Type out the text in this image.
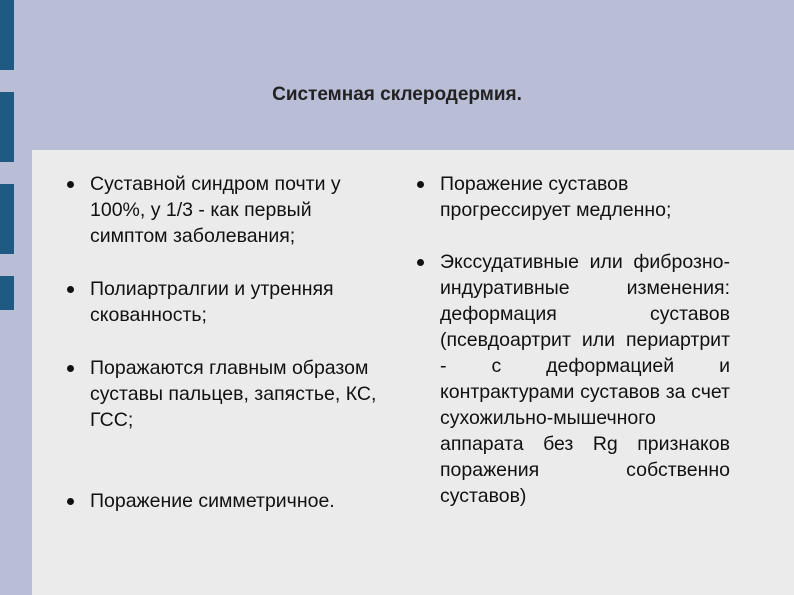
Системная склеродермия.
Суставной синдром почти у 100%, у 1/3 - как первый симптом заболевания;
Полиартралгии и утренняя скованность;
Поражаются главным образом суставы пальцев, запястье, КС, ГСС;
Поражение симметричное.
Поражение суставов прогрессирует медленно;
Экссудативные или фиброзно-индуративные изменения: деформация суставов (псевдоартрит или периартрит - с деформацией и контрактурами суставов за счет сухожильно-мышечного аппарата без Rg признаков поражения собственно суставов)
